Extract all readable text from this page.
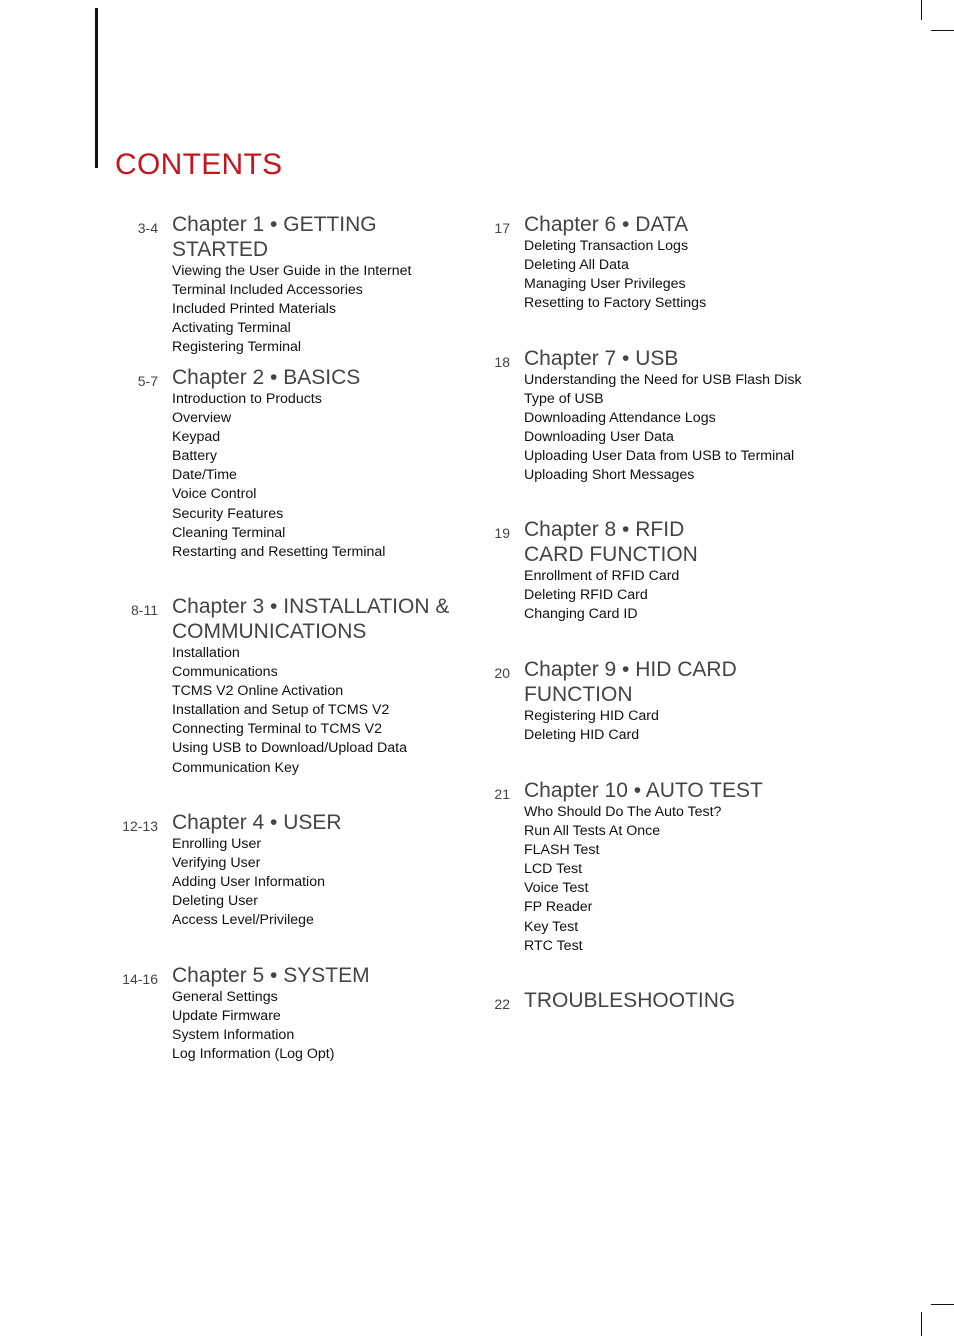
CONTENTS
3-4 Chapter 1 • GETTING STARTED
Viewing the User Guide in the Internet
Terminal Included Accessories
Included Printed Materials
Activating Terminal
Registering Terminal
5-7 Chapter 2 • BASICS
Introduction to Products
Overview
Keypad
Battery
Date/Time
Voice Control
Security Features
Cleaning Terminal
Restarting and Resetting Terminal
8-11 Chapter 3 • INSTALLATION & COMMUNICATIONS
Installation
Communications
TCMS V2 Online Activation
Installation and Setup of TCMS V2
Connecting Terminal to TCMS V2
Using USB to Download/Upload Data
Communication Key
12-13 Chapter 4 • USER
Enrolling User
Verifying User
Adding User Information
Deleting User
Access Level/Privilege
14-16 Chapter 5 • SYSTEM
General Settings
Update Firmware
System Information
Log Information (Log Opt)
17 Chapter 6 • DATA
Deleting Transaction Logs
Deleting All Data
Managing User Privileges
Resetting to Factory Settings
18 Chapter 7 • USB
Understanding the Need for USB Flash Disk
Type of USB
Downloading Attendance Logs
Downloading User Data
Uploading User Data from USB to Terminal
Uploading Short Messages
19 Chapter 8 • RFID CARD FUNCTION
Enrollment of RFID Card
Deleting RFID Card
Changing Card ID
20 Chapter 9 • HID CARD FUNCTION
Registering HID Card
Deleting HID Card
21 Chapter 10 • AUTO TEST
Who Should Do The Auto Test?
Run All Tests At Once
FLASH Test
LCD Test
Voice Test
FP Reader
Key Test
RTC Test
22 TROUBLESHOOTING
